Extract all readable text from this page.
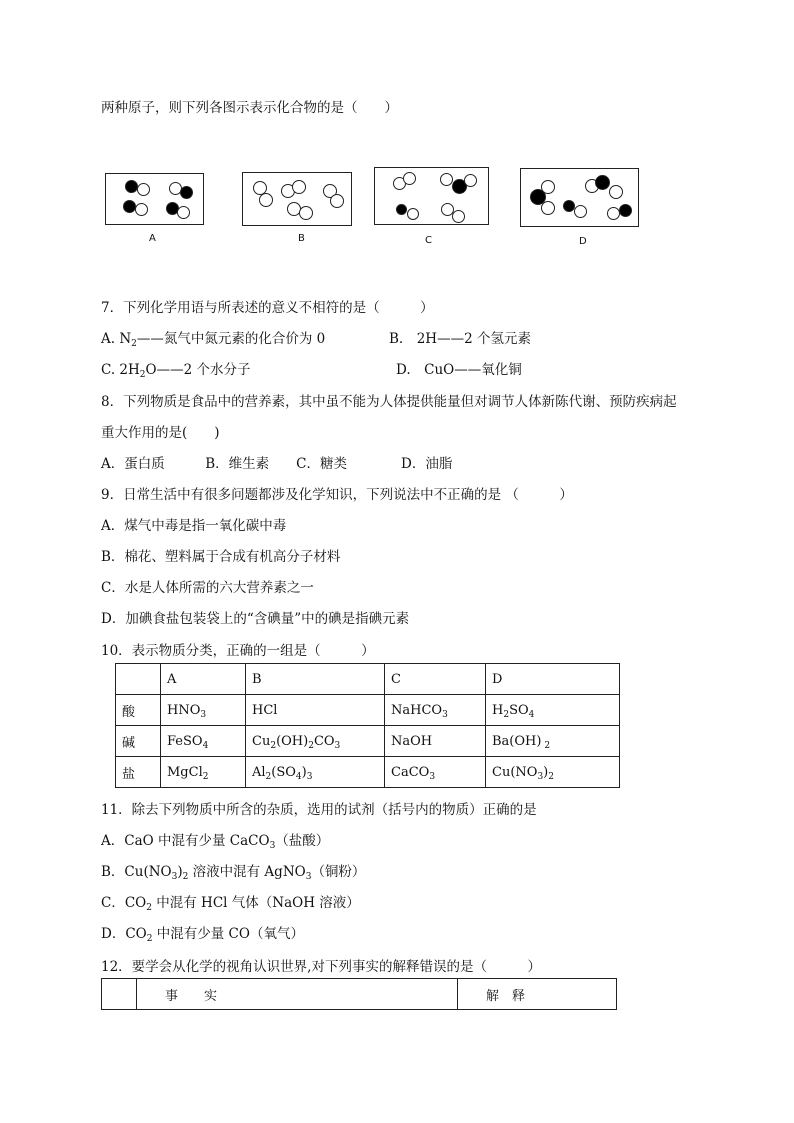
两种原子，则下列各图示表示化合物的是（　　）
A	B	C	D
7．下列化学用语与所表述的意义不相符的是（　　　）
A. $N_2——$氮气中氮元素的化合价为 0	B.　2H——2 个氢元素
C. $2H_2O——2$ 个水分子	D.　CuO——氧化铜
8．下列物质是食品中的营养素，其中虽不能为人体提供能量但对调节人体新陈代谢、预防疾病起
重大作用的是(　　)
A．蛋白质　　　B．维生素　　C．糖类　　　　D．油脂
9．日常生活中有很多问题都涉及化学知识，下列说法中不正确的是 （　　　）
A．煤气中毒是指一氧化碳中毒
B．棉花、塑料属于合成有机高分子材料
C．水是人体所需的六大营养素之一
D．加碘食盐包装袋上的“含碘量”中的碘是指碘元素
10．表示物质分类，正确的一组是（　　　）
	A	B	C	D
酸	$HNO_3$	HCl	NaHCO$_3$	$H_2SO_4$
碱	FeSO$_4$	$Cu_2(OH)_2CO_3$	NaOH	Ba(OH) $_2$
盐	MgCl$_2$	$Al_2(SO_4)_3$	CaCO$_3$	$Cu(NO_3)_2$
11．除去下列物质中所含的杂质，选用的试剂（括号内的物质）正确的是
A．CaO 中混有少量 CaCO$_3$（盐酸）
B．$Cu(NO_3)_2$ 溶液中混有 AgNO$_3$（铜粉）
C．$CO_2$ 中混有 HCl 气体（NaOH 溶液）
D．$CO_2$ 中混有少量 CO（氧气）
12．要学会从化学的视角认识世界,对下列事实的解释错误的是（　　　）
	事　　实	解　释
